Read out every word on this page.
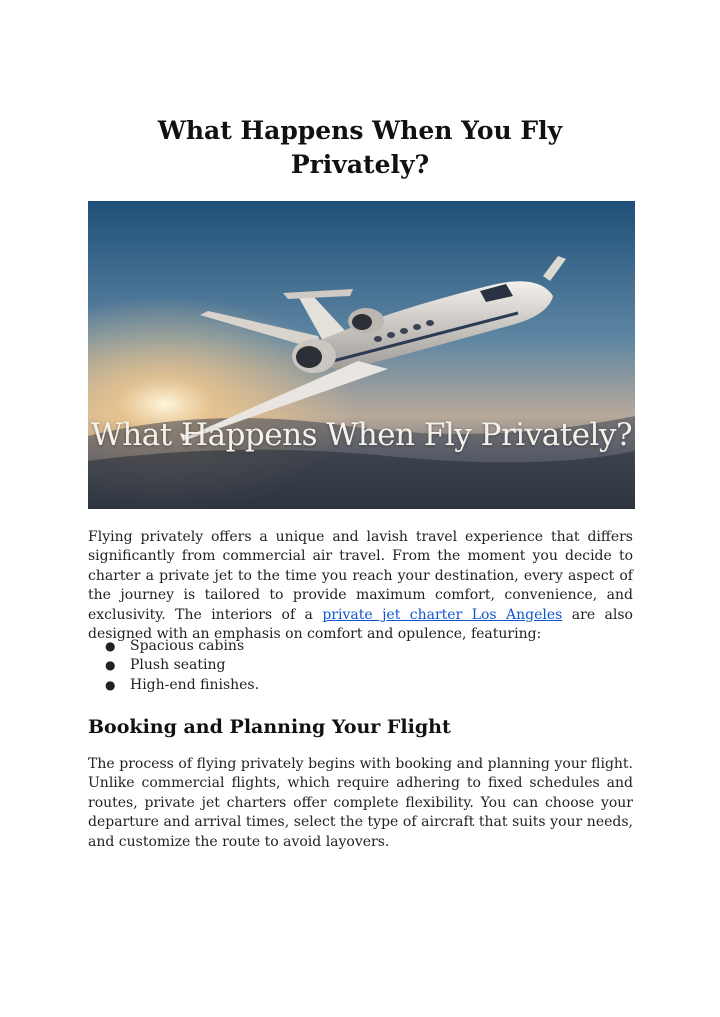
What Happens When You Fly Privately?
What Happens When Fly Privately?

Flying privately offers a unique and lavish travel experience that differs significantly from commercial air travel. From the moment you decide to charter a private jet to the time you reach your destination, every aspect of the journey is tailored to provide maximum comfort, convenience, and exclusivity. The interiors of a private jet charter Los Angeles are also designed with an emphasis on comfort and opulence, featuring:

● Spacious cabins
● Plush seating
● High-end finishes.
Booking and Planning Your Flight

The process of flying privately begins with booking and planning your flight. Unlike commercial flights, which require adhering to fixed schedules and routes, private jet charters offer complete flexibility. You can choose your departure and arrival times, select the type of aircraft that suits your needs, and customize the route to avoid layovers.
